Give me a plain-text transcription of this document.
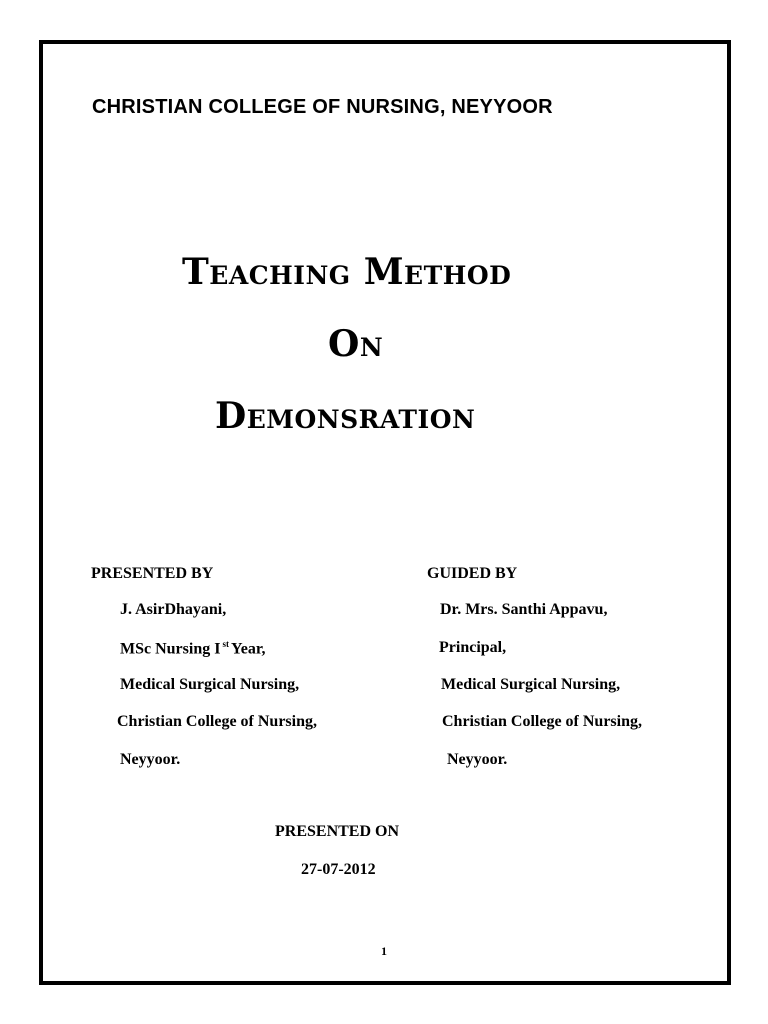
CHRISTIAN COLLEGE OF NURSING, NEYYOOR
Teaching Method
On
Demonsration
PRESENTED BY
J. AsirDhayani,
MSc Nursing I $^{st}$ Year,
Medical Surgical Nursing,
Christian College of Nursing,
Neyyoor.
GUIDED BY
Dr. Mrs. Santhi Appavu,
Principal,
Medical Surgical Nursing,
Christian College of Nursing,
Neyyoor.
PRESENTED ON
27-07-2012
1
